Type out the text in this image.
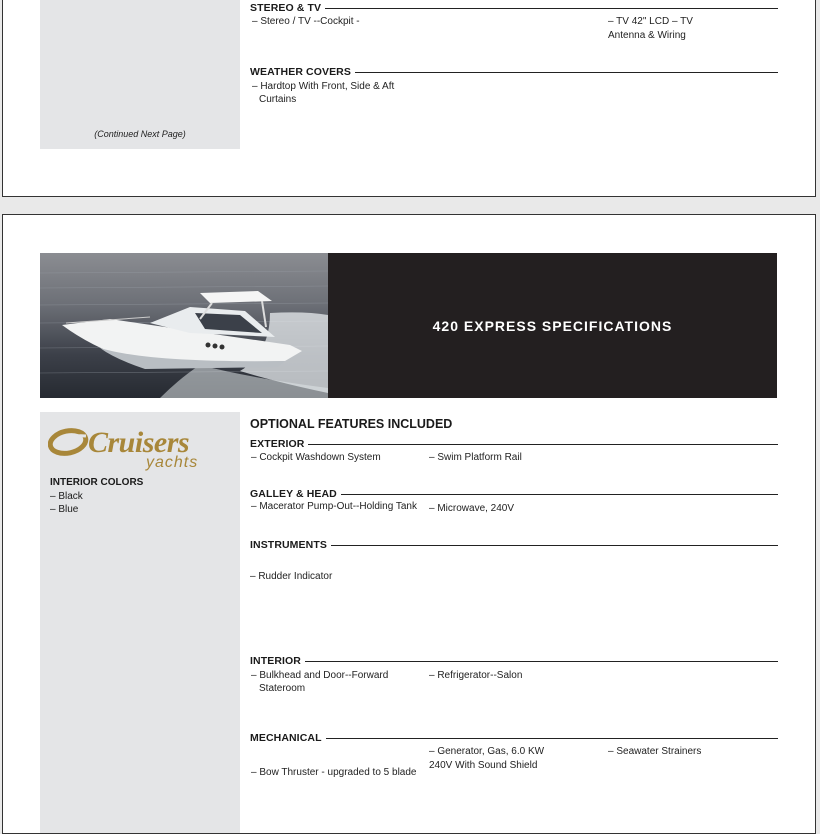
(Continued Next Page)
STEREO & TV
– Stereo / TV --Cockpit -	– TV 42" LCD – TV
Antenna & Wiring
WEATHER COVERS
– Hardtop With Front, Side & Aft
Curtains
420 EXPRESS SPECIFICATIONS
Cruisers
yachts
INTERIOR COLORS
– Black
– Blue
OPTIONAL FEATURES INCLUDED
EXTERIOR
– Cockpit Washdown System	– Swim Platform Rail
GALLEY & HEAD
– Macerator Pump-Out--Holding Tank – Microwave, 240V
INSTRUMENTS
– Rudder Indicator
INTERIOR
– Bulkhead and Door--Forward
Stateroom
– Refrigerator--Salon
MECHANICAL
– Generator, Gas, 6.0 KW
240V With Sound Shield
– Seawater Strainers
– Bow Thruster - upgraded to 5 blade
